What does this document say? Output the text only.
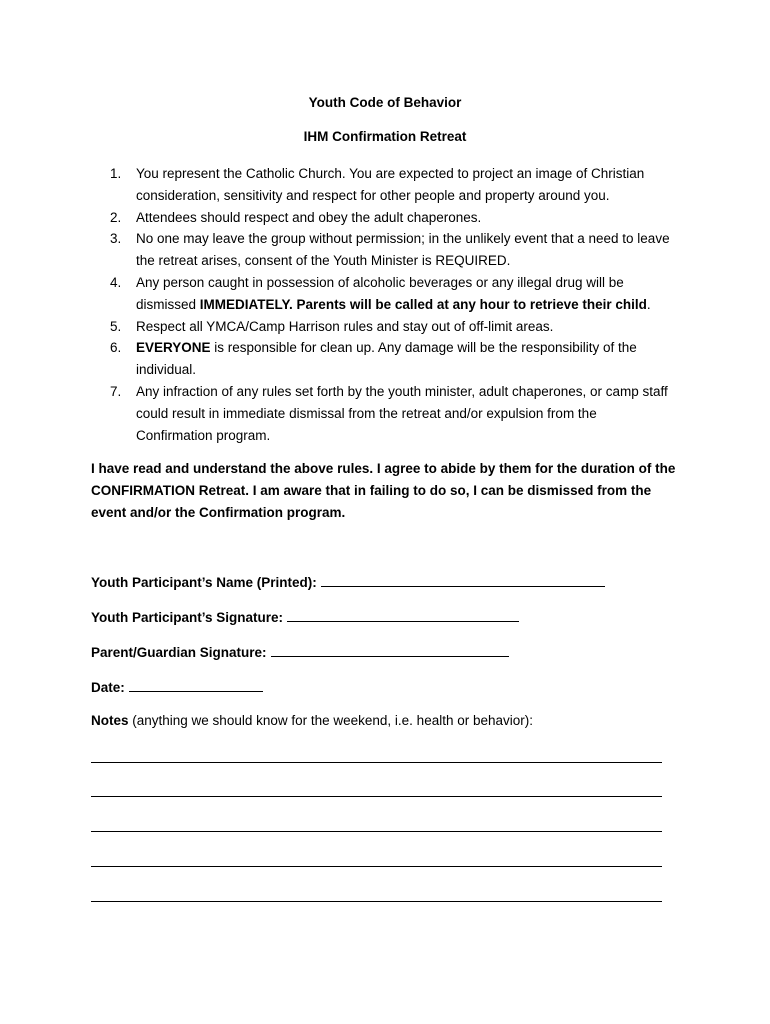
Youth Code of Behavior
IHM Confirmation Retreat
1. You represent the Catholic Church. You are expected to project an image of Christian consideration, sensitivity and respect for other people and property around you.
2. Attendees should respect and obey the adult chaperones.
3. No one may leave the group without permission; in the unlikely event that a need to leave the retreat arises, consent of the Youth Minister is REQUIRED.
4. Any person caught in possession of alcoholic beverages or any illegal drug will be dismissed IMMEDIATELY. Parents will be called at any hour to retrieve their child.
5. Respect all YMCA/Camp Harrison rules and stay out of off-limit areas.
6. EVERYONE is responsible for clean up. Any damage will be the responsibility of the individual.
7. Any infraction of any rules set forth by the youth minister, adult chaperones, or camp staff could result in immediate dismissal from the retreat and/or expulsion from the Confirmation program.
I have read and understand the above rules. I agree to abide by them for the duration of the CONFIRMATION Retreat. I am aware that in failing to do so, I can be dismissed from the event and/or the Confirmation program.
Youth Participant’s Name (Printed):
Youth Participant’s Signature:
Parent/Guardian Signature:
Date:
Notes (anything we should know for the weekend, i.e. health or behavior):
